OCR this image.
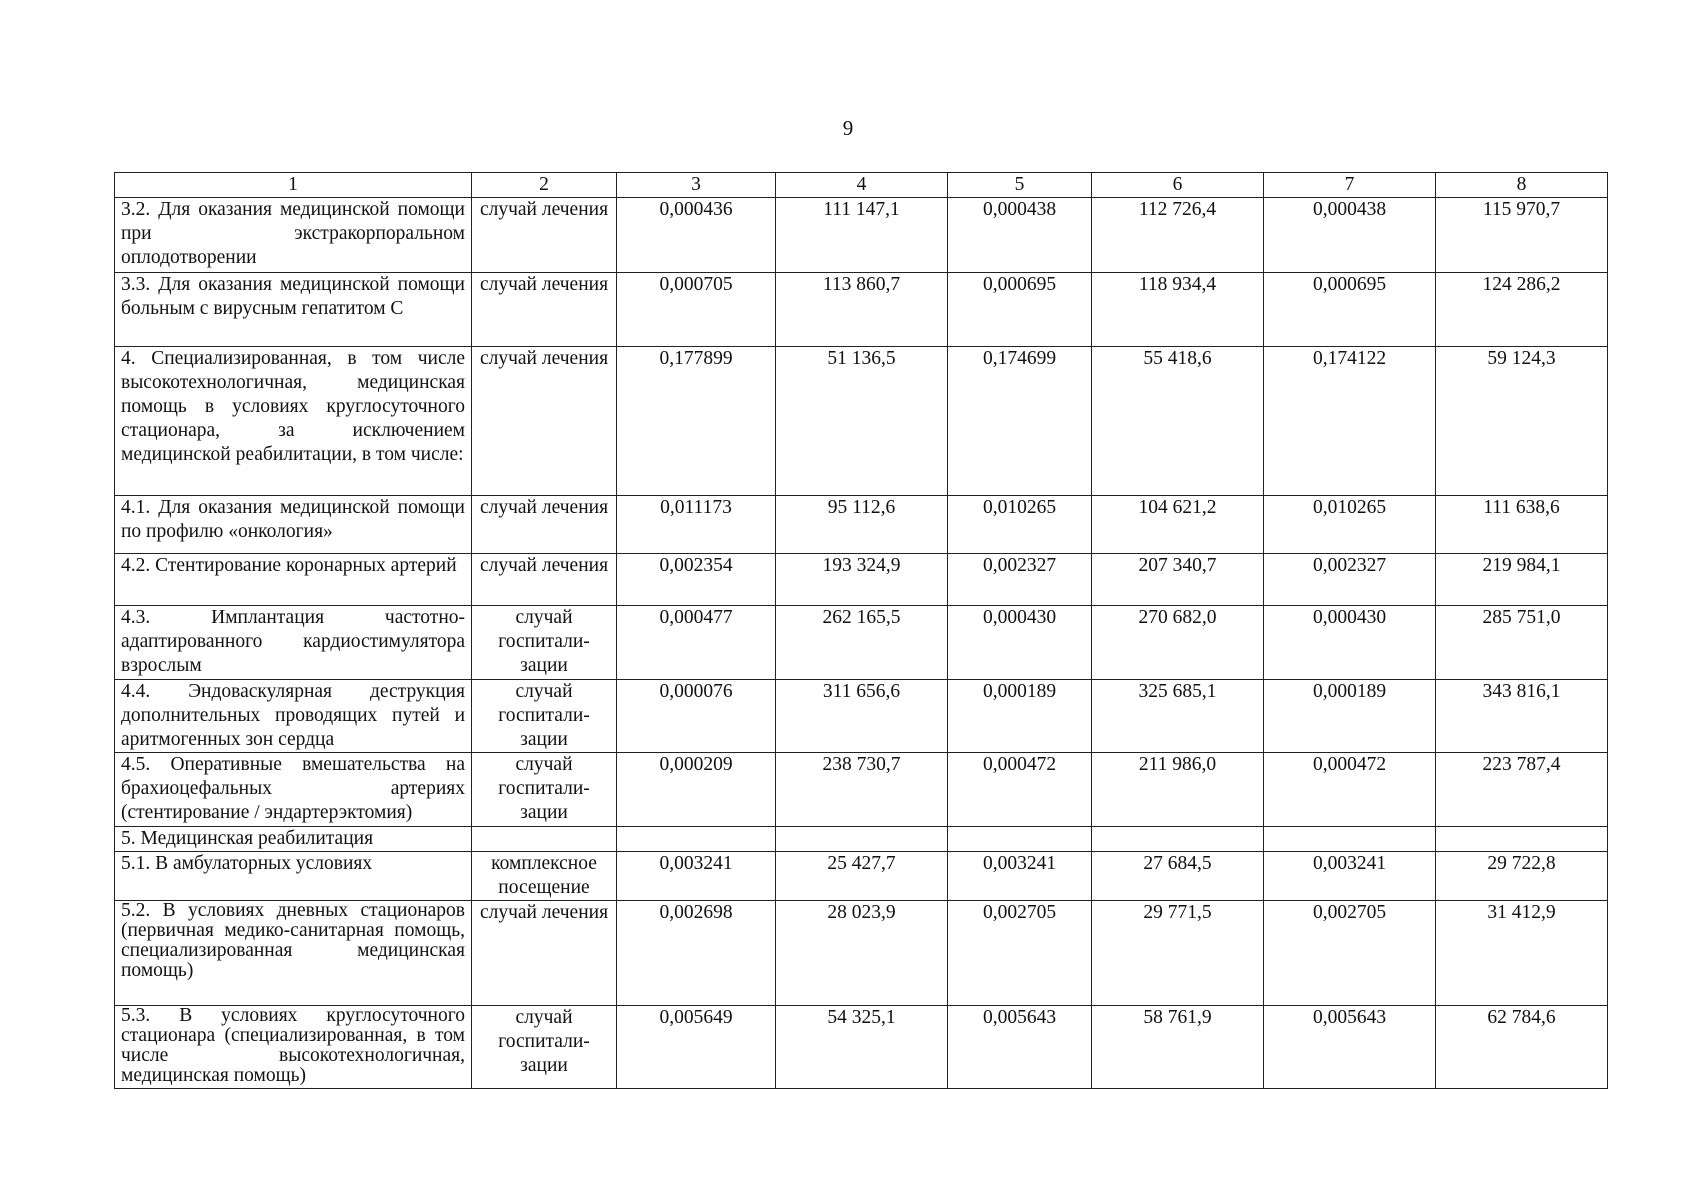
9
1	2	3	4	5	6	7	8
3.2. Для оказания медицинской помощи при экстракорпоральном оплодотворении	случай лечения	0,000436	111 147,1	0,000438	112 726,4	0,000438	115 970,7
3.3. Для оказания медицинской помощи больным с вирусным гепатитом С	случай лечения	0,000705	113 860,7	0,000695	118 934,4	0,000695	124 286,2
4. Специализированная, в том числе высокотехнологичная, медицинская помощь в условиях круглосуточного стационара, за исключением медицинской реабилитации, в том числе:	случай лечения	0,177899	51 136,5	0,174699	55 418,6	0,174122	59 124,3
4.1. Для оказания медицинской помощи по профилю «онкология»	случай лечения	0,011173	95 112,6	0,010265	104 621,2	0,010265	111 638,6
4.2. Стентирование коронарных артерий	случай лечения	0,002354	193 324,9	0,002327	207 340,7	0,002327	219 984,1
4.3. Имплантация частотно-адаптированного кардиостимулятора взрослым	случай госпитали-зации	0,000477	262 165,5	0,000430	270 682,0	0,000430	285 751,0
4.4. Эндоваскулярная деструкция дополнительных проводящих путей и аритмогенных зон сердца	случай госпитали-зации	0,000076	311 656,6	0,000189	325 685,1	0,000189	343 816,1
4.5. Оперативные вмешательства на брахиоцефальных артериях (стентирование / эндартерэктомия)	случай госпитали-зации	0,000209	238 730,7	0,000472	211 986,0	0,000472	223 787,4
5. Медицинская реабилитация							
5.1. В амбулаторных условиях	комплексное посещение	0,003241	25 427,7	0,003241	27 684,5	0,003241	29 722,8
5.2. В условиях дневных стационаров (первичная медико-санитарная помощь, специализированная медицинская помощь)	случай лечения	0,002698	28 023,9	0,002705	29 771,5	0,002705	31 412,9
5.3. В условиях круглосуточного стационара (специализированная, в том числе высокотехнологичная, медицинская помощь)	случай госпитали-зации	0,005649	54 325,1	0,005643	58 761,9	0,005643	62 784,6
